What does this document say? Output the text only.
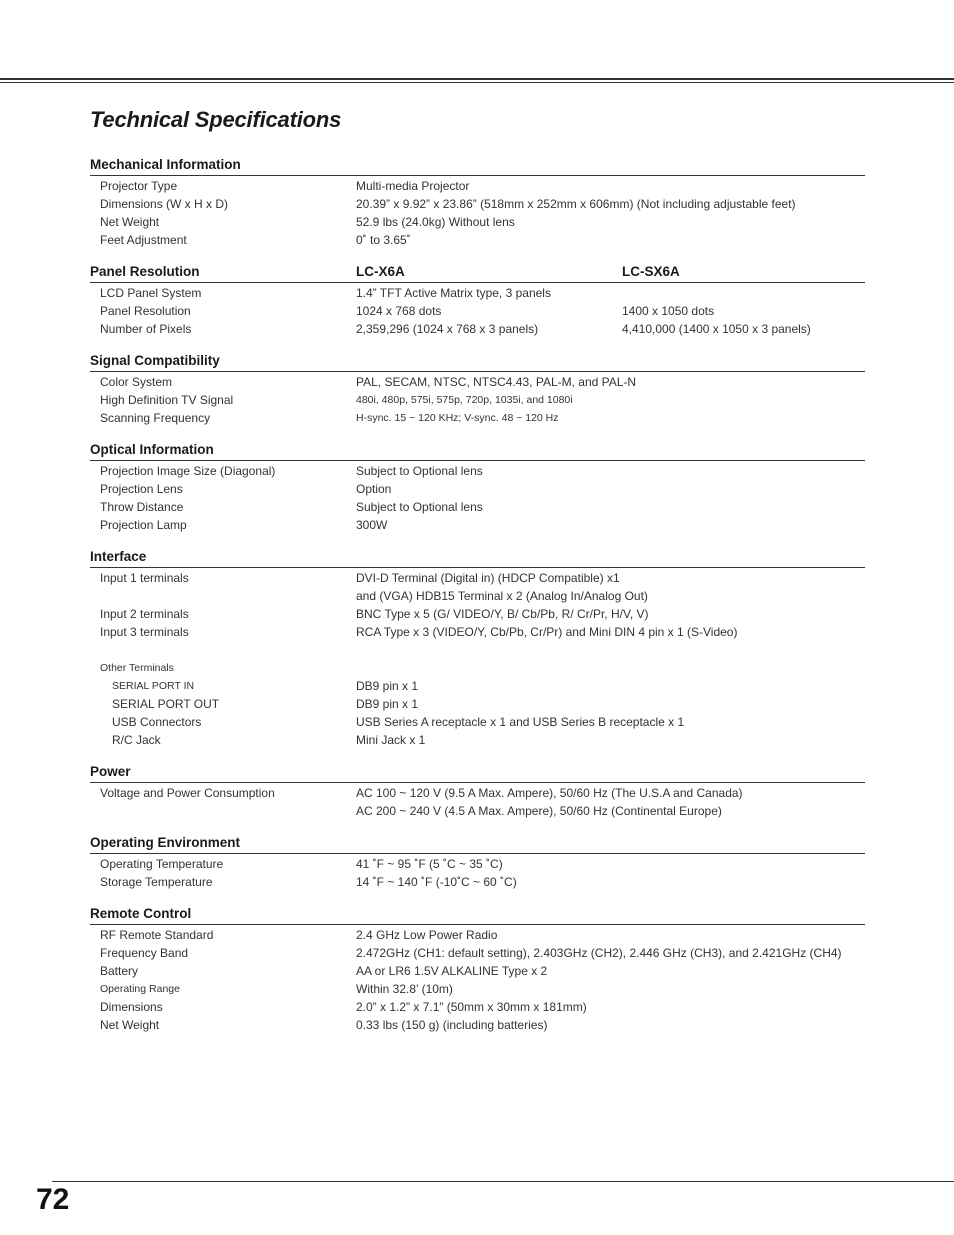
Technical Specifications
Mechanical Information
Projector Type	Multi-media Projector
Dimensions (W x H x D)	20.39” x 9.92” x 23.86” (518mm x 252mm x 606mm) (Not including adjustable feet)
Net Weight	52.9 lbs (24.0kg) Without lens
Feet Adjustment	0˚ to 3.65˚
Panel Resolution	LC-X6A	LC-SX6A
LCD Panel System	1.4” TFT Active Matrix type, 3 panels
Panel Resolution	1024 x 768 dots	1400 x 1050 dots
Number of Pixels	2,359,296 (1024 x 768 x 3 panels)	4,410,000 (1400 x 1050 x 3 panels)
Signal Compatibility
Color System	PAL, SECAM, NTSC, NTSC4.43, PAL-M, and PAL-N
High Definition TV Signal	480i, 480p, 575i, 575p, 720p, 1035i, and 1080i
Scanning Frequency	H-sync. 15 ~ 120 KHz; V-sync. 48 ~ 120 Hz
Optical Information
Projection Image Size (Diagonal)	Subject to Optional lens
Projection Lens	Option
Throw Distance	Subject to Optional lens
Projection Lamp	300W
Interface
Input 1 terminals	DVI-D Terminal (Digital in) (HDCP Compatible) x1
and (VGA) HDB15 Terminal x 2 (Analog In/Analog Out)
Input 2 terminals	BNC Type x 5 (G/ VIDEO/Y, B/ Cb/Pb, R/ Cr/Pr, H/V, V)
Input 3 terminals	RCA Type x 3 (VIDEO/Y, Cb/Pb, Cr/Pr) and Mini DIN 4 pin x 1 (S-Video)
Other Terminals
SERIAL PORT IN	DB9 pin x 1
SERIAL PORT OUT	DB9 pin x 1
USB Connectors	USB Series A receptacle x 1 and USB Series B receptacle x 1
R/C Jack	Mini Jack x 1
Power
Voltage and Power Consumption	AC 100 ~ 120 V (9.5 A Max. Ampere), 50/60 Hz (The U.S.A and Canada)
AC 200 ~ 240 V (4.5 A Max. Ampere), 50/60 Hz (Continental Europe)
Operating Environment
Operating Temperature	41 ˚F ~ 95 ˚F (5 ˚C ~ 35 ˚C)
Storage Temperature	14 ˚F ~ 140 ˚F (-10˚C ~ 60 ˚C)
Remote Control
RF Remote Standard	2.4 GHz Low Power Radio
Frequency Band	2.472GHz (CH1: default setting), 2.403GHz (CH2), 2.446 GHz (CH3), and 2.421GHz (CH4)
Battery	AA or LR6 1.5V ALKALINE Type x 2
Operating Range	Within 32.8’ (10m)
Dimensions	2.0” x 1.2” x 7.1” (50mm x 30mm x 181mm)
Net Weight	0.33 lbs (150 g) (including batteries)
72
